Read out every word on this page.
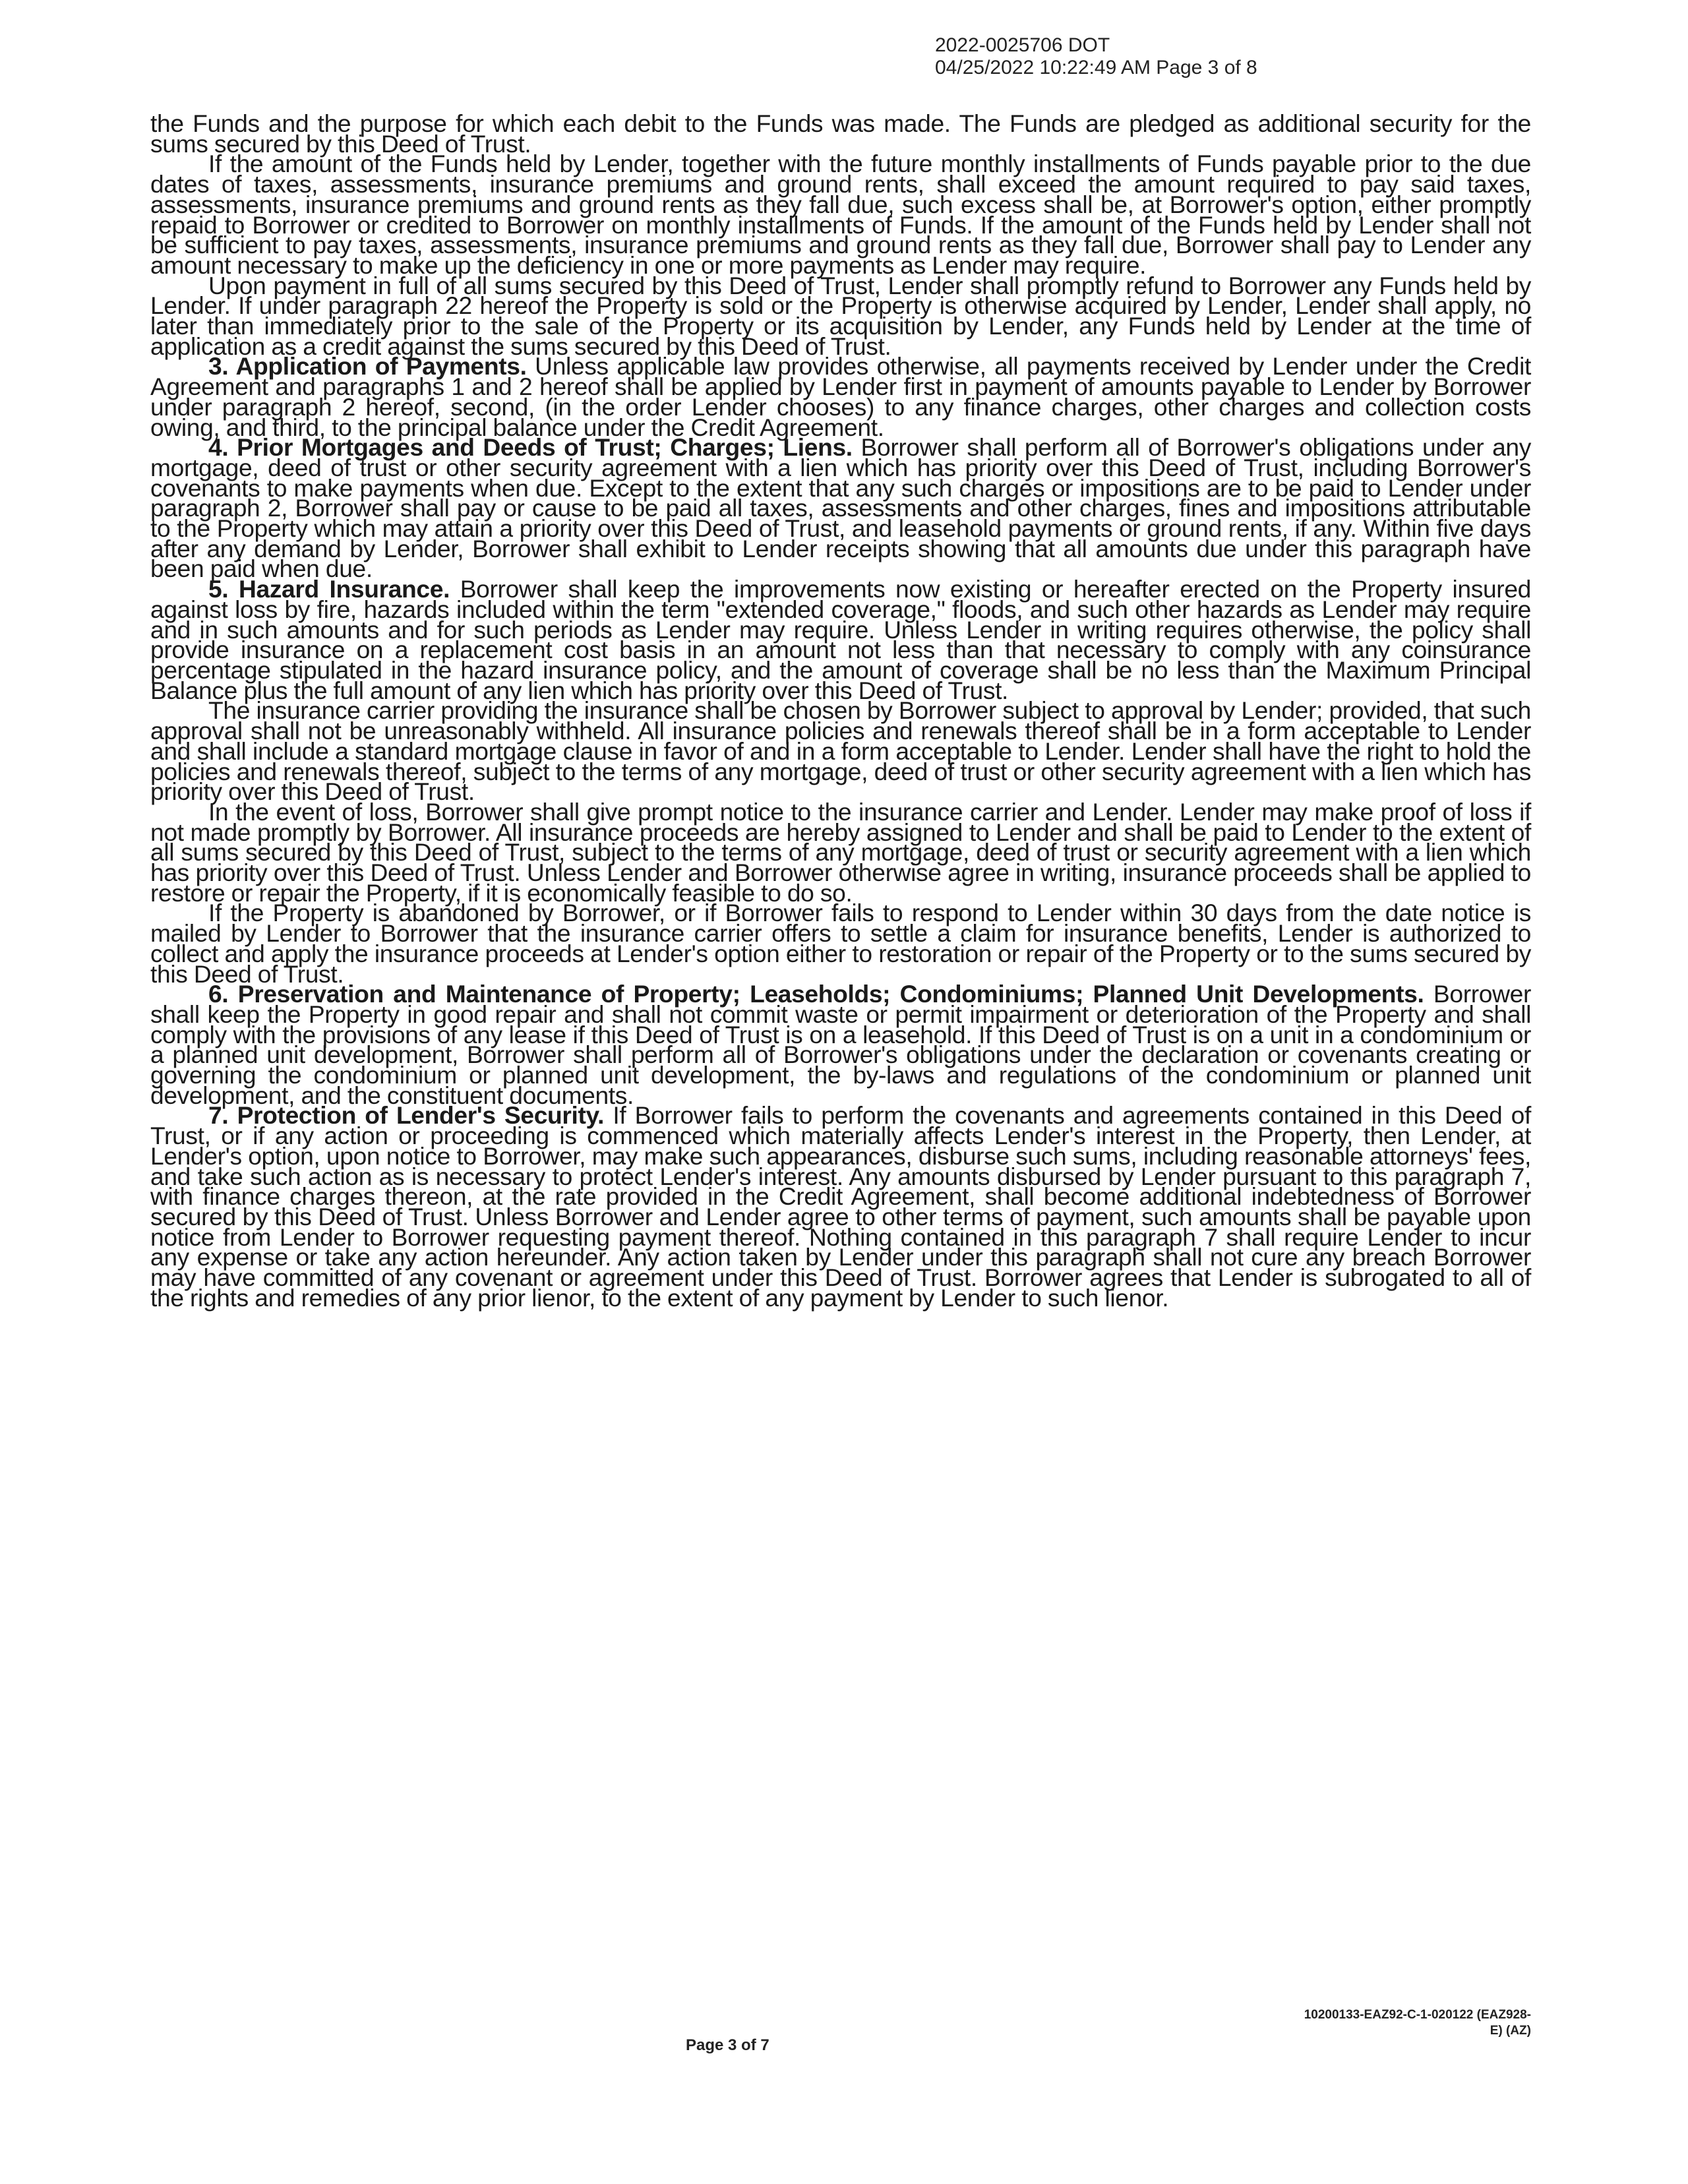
2022-0025706 DOT
04/25/2022 10:22:49 AM Page 3 of 8

the Funds and the purpose for which each debit to the Funds was made. The Funds are pledged as additional security for the sums secured by this Deed of Trust.

If the amount of the Funds held by Lender, together with the future monthly installments of Funds payable prior to the due dates of taxes, assessments, insurance premiums and ground rents, shall exceed the amount required to pay said taxes, assessments, insurance premiums and ground rents as they fall due, such excess shall be, at Borrower's option, either promptly repaid to Borrower or credited to Borrower on monthly installments of Funds. If the amount of the Funds held by Lender shall not be sufficient to pay taxes, assessments, insurance premiums and ground rents as they fall due, Borrower shall pay to Lender any amount necessary to make up the deficiency in one or more payments as Lender may require.

Upon payment in full of all sums secured by this Deed of Trust, Lender shall promptly refund to Borrower any Funds held by Lender. If under paragraph 22 hereof the Property is sold or the Property is otherwise acquired by Lender, Lender shall apply, no later than immediately prior to the sale of the Property or its acquisition by Lender, any Funds held by Lender at the time of application as a credit against the sums secured by this Deed of Trust.

3. Application of Payments. Unless applicable law provides otherwise, all payments received by Lender under the Credit Agreement and paragraphs 1 and 2 hereof shall be applied by Lender first in payment of amounts payable to Lender by Borrower under paragraph 2 hereof, second, (in the order Lender chooses) to any finance charges, other charges and collection costs owing, and third, to the principal balance under the Credit Agreement.

4. Prior Mortgages and Deeds of Trust; Charges; Liens. Borrower shall perform all of Borrower's obligations under any mortgage, deed of trust or other security agreement with a lien which has priority over this Deed of Trust, including Borrower's covenants to make payments when due. Except to the extent that any such charges or impositions are to be paid to Lender under paragraph 2, Borrower shall pay or cause to be paid all taxes, assessments and other charges, fines and impositions attributable to the Property which may attain a priority over this Deed of Trust, and leasehold payments or ground rents, if any. Within five days after any demand by Lender, Borrower shall exhibit to Lender receipts showing that all amounts due under this paragraph have been paid when due.

5. Hazard Insurance. Borrower shall keep the improvements now existing or hereafter erected on the Property insured against loss by fire, hazards included within the term "extended coverage," floods, and such other hazards as Lender may require and in such amounts and for such periods as Lender may require. Unless Lender in writing requires otherwise, the policy shall provide insurance on a replacement cost basis in an amount not less than that necessary to comply with any coinsurance percentage stipulated in the hazard insurance policy, and the amount of coverage shall be no less than the Maximum Principal Balance plus the full amount of any lien which has priority over this Deed of Trust.

The insurance carrier providing the insurance shall be chosen by Borrower subject to approval by Lender; provided, that such approval shall not be unreasonably withheld. All insurance policies and renewals thereof shall be in a form acceptable to Lender and shall include a standard mortgage clause in favor of and in a form acceptable to Lender. Lender shall have the right to hold the policies and renewals thereof, subject to the terms of any mortgage, deed of trust or other security agreement with a lien which has priority over this Deed of Trust.

In the event of loss, Borrower shall give prompt notice to the insurance carrier and Lender. Lender may make proof of loss if not made promptly by Borrower. All insurance proceeds are hereby assigned to Lender and shall be paid to Lender to the extent of all sums secured by this Deed of Trust, subject to the terms of any mortgage, deed of trust or security agreement with a lien which has priority over this Deed of Trust. Unless Lender and Borrower otherwise agree in writing, insurance proceeds shall be applied to restore or repair the Property, if it is economically feasible to do so.

If the Property is abandoned by Borrower, or if Borrower fails to respond to Lender within 30 days from the date notice is mailed by Lender to Borrower that the insurance carrier offers to settle a claim for insurance benefits, Lender is authorized to collect and apply the insurance proceeds at Lender's option either to restoration or repair of the Property or to the sums secured by this Deed of Trust.

6. Preservation and Maintenance of Property; Leaseholds; Condominiums; Planned Unit Developments. Borrower shall keep the Property in good repair and shall not commit waste or permit impairment or deterioration of the Property and shall comply with the provisions of any lease if this Deed of Trust is on a leasehold. If this Deed of Trust is on a unit in a condominium or a planned unit development, Borrower shall perform all of Borrower's obligations under the declaration or covenants creating or governing the condominium or planned unit development, the by-laws and regulations of the condominium or planned unit development, and the constituent documents.

7. Protection of Lender's Security. If Borrower fails to perform the covenants and agreements contained in this Deed of Trust, or if any action or proceeding is commenced which materially affects Lender's interest in the Property, then Lender, at Lender's option, upon notice to Borrower, may make such appearances, disburse such sums, including reasonable attorneys' fees, and take such action as is necessary to protect Lender's interest. Any amounts disbursed by Lender pursuant to this paragraph 7, with finance charges thereon, at the rate provided in the Credit Agreement, shall become additional indebtedness of Borrower secured by this Deed of Trust. Unless Borrower and Lender agree to other terms of payment, such amounts shall be payable upon notice from Lender to Borrower requesting payment thereof. Nothing contained in this paragraph 7 shall require Lender to incur any expense or take any action hereunder. Any action taken by Lender under this paragraph shall not cure any breach Borrower may have committed of any covenant or agreement under this Deed of Trust. Borrower agrees that Lender is subrogated to all of the rights and remedies of any prior lienor, to the extent of any payment by Lender to such lienor.

Page 3 of 7
10200133-EAZ92-C-1-020122 (EAZ928-
E) (AZ)
